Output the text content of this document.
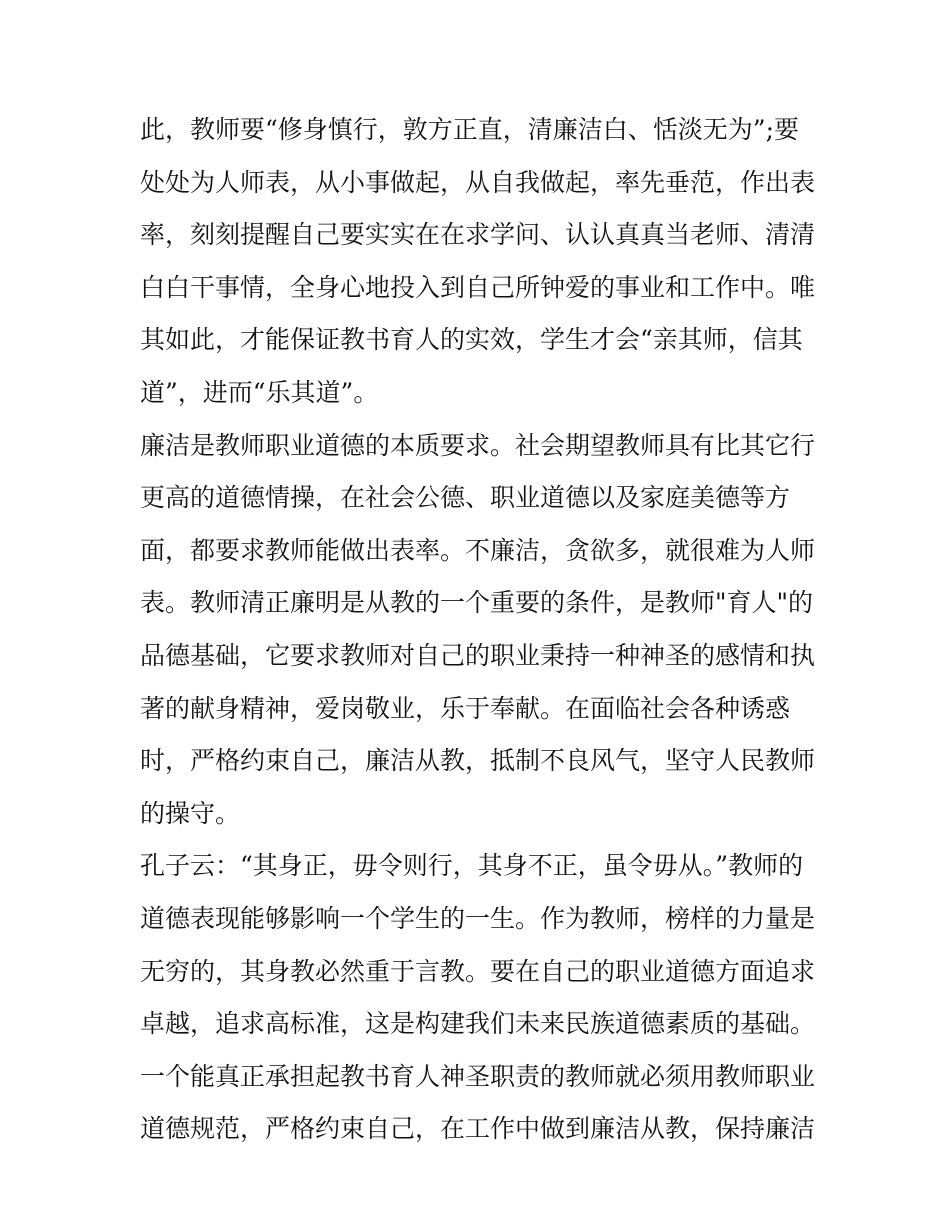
此，教师要“修身慎行，敦方正直，清廉洁白、恬淡无为”;要
处处为人师表，从小事做起，从自我做起，率先垂范，作出表
率，刻刻提醒自己要实实在在求学问、认认真真当老师、清清
白白干事情，全身心地投入到自己所钟爱的事业和工作中。唯
其如此，才能保证教书育人的实效，学生才会“亲其师，信其
道”，进而“乐其道”。
廉洁是教师职业道德的本质要求。社会期望教师具有比其它行
更高的道德情操，在社会公德、职业道德以及家庭美德等方
面，都要求教师能做出表率。不廉洁，贪欲多，就很难为人师
表。教师清正廉明是从教的一个重要的条件，是教师"育人"的
品德基础，它要求教师对自己的职业秉持一种神圣的感情和执
著的献身精神，爱岗敬业，乐于奉献。在面临社会各种诱惑
时，严格约束自己，廉洁从教，抵制不良风气，坚守人民教师
的操守。
孔子云：“其身正，毋令则行，其身不正，虽令毋从。”教师的
道德表现能够影响一个学生的一生。作为教师，榜样的力量是
无穷的，其身教必然重于言教。要在自己的职业道德方面追求
卓越，追求高标准，这是构建我们未来民族道德素质的基础。
一个能真正承担起教书育人神圣职责的教师就必须用教师职业
道德规范，严格约束自己，在工作中做到廉洁从教，保持廉洁
